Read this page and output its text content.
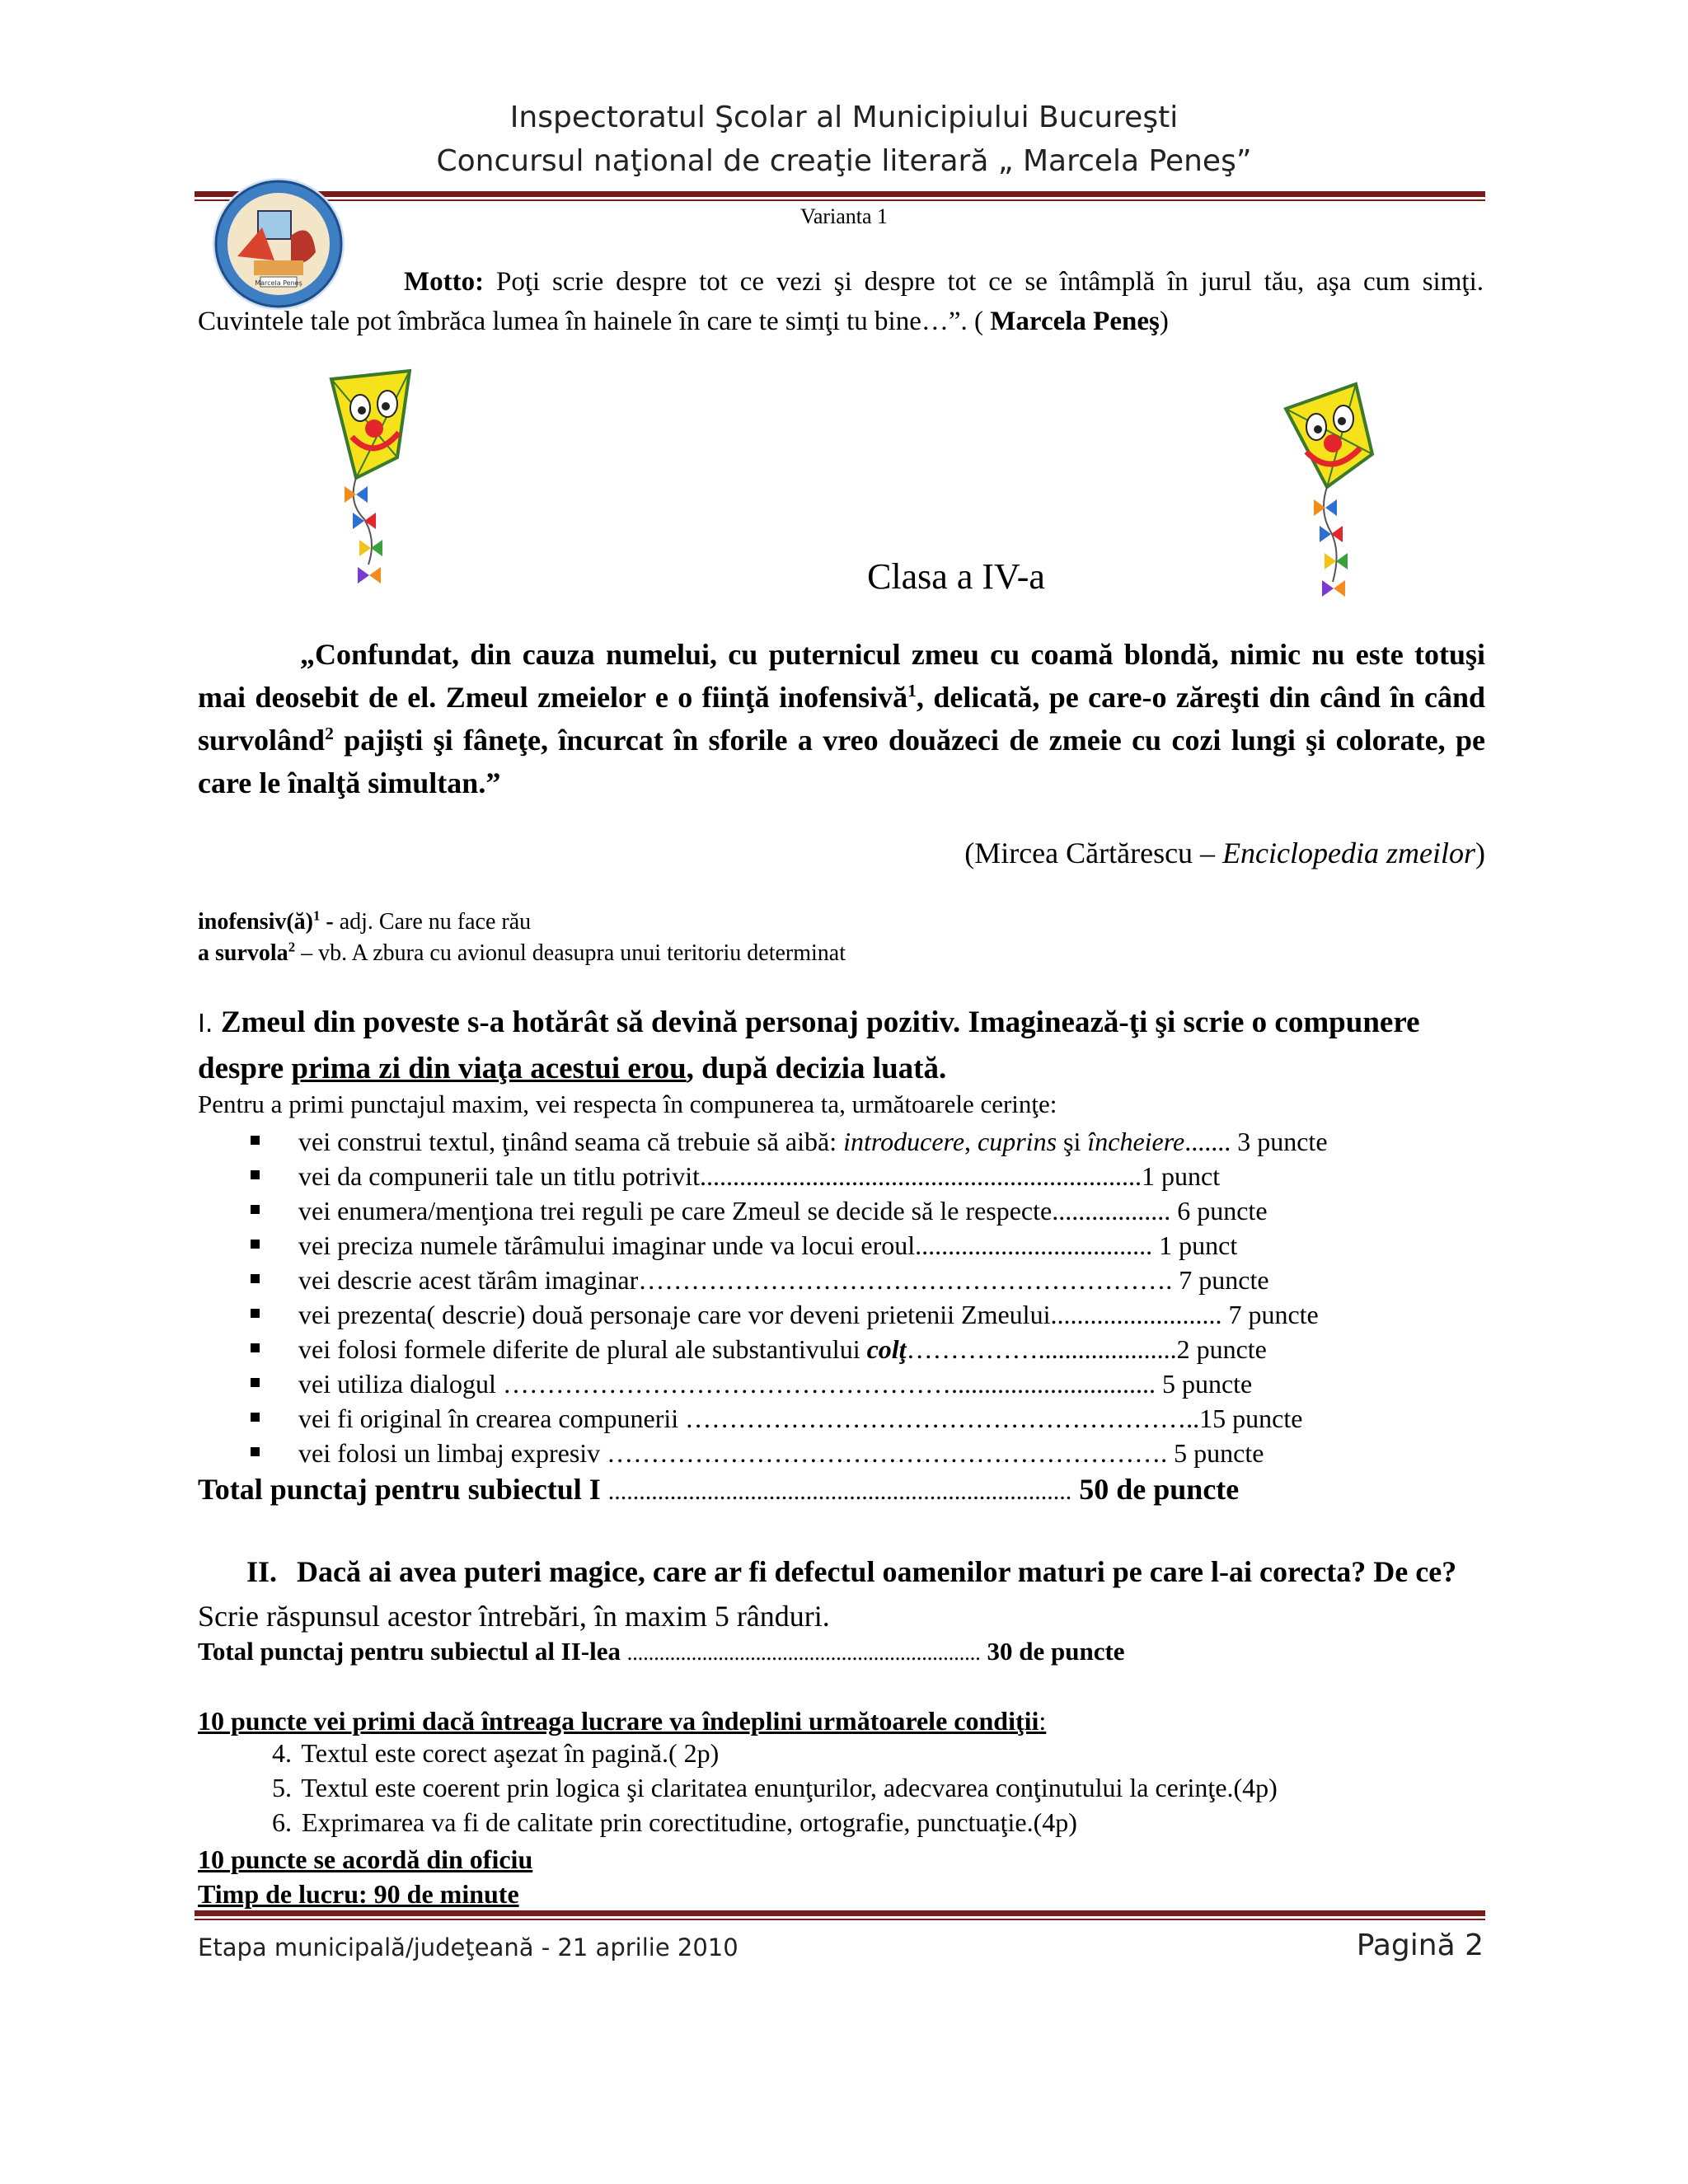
Inspectoratul Şcolar al Municipiului Bucureşti
Concursul naţional de creaţie literară „ Marcela Peneş”
Varianta 1
Marcela Peneş	Motto: Poţi scrie despre tot ce vezi şi despre tot ce se întâmplă în jurul tău, aşa cum simţi. Cuvintele tale pot îmbrăca lumea în hainele în care te simţi tu bine…”. ( Marcela Peneş)
Clasa a IV-a
„Confundat, din cauza numelui, cu puternicul zmeu cu coamă blondă, nimic nu este totuşi mai deosebit de el. Zmeul zmeielor e o fiinţă inofensivă$^1$, delicată, pe care-o zăreşti din când în când survolând$^2$ pajişti şi fâneţe, încurcat în sforile a vreo douăzeci de zmeie cu cozi lungi şi colorate, pe care le înalţă simultan.”
(Mircea Cărtărescu – Enciclopedia zmeilor)
inofensiv(ă)$^1$ - adj. Care nu face rău
a survola$^2$ – vb. A zbura cu avionul deasupra unui teritoriu determinat
I. Zmeul din poveste s-a hotărât să devină personaj pozitiv. Imaginează-ţi şi scrie o compunere despre prima zi din viaţa acestui erou, după decizia luată.
Pentru a primi punctajul maxim, vei respecta în compunerea ta, următoarele cerinţe:
vei construi textul, ţinând seama că trebuie să aibă: introducere, cuprins şi încheiere....... 3 puncte
vei da compunerii tale un titlu potrivit...................................................................1 punct
vei enumera/menţiona trei reguli pe care Zmeul se decide să le respecte.................. 6 puncte
vei preciza numele tărâmului imaginar unde va locui eroul.................................... 1 punct
vei descrie acest tărâm imaginar……………………………………………………. 7 puncte
vei prezenta( descrie) două personaje care vor deveni prietenii Zmeului.......................... 7 puncte
vei folosi formele diferite de plural ale substantivului colţ…………….....................2 puncte
vei utiliza dialogul ……………………………………………............................... 5 puncte
vei fi original în crearea compunerii …………………………………………………..15 puncte
vei folosi un limbaj expresiv ………………………………………………………. 5 puncte
Total punctaj pentru subiectul I ........................................................................... 50 de puncte
II. Dacă ai avea puteri magice, care ar fi defectul oamenilor maturi pe care l-ai corecta? De ce? Scrie răspunsul acestor întrebări, în maxim 5 rânduri.
Total punctaj pentru subiectul al II-lea .................................................................. 30 de puncte
10 puncte vei primi dacă întreaga lucrare va îndeplini următoarele condiţii:
4. Textul este corect aşezat în pagină.( 2p)
5. Textul este coerent prin logica şi claritatea enunţurilor, adecvarea conţinutului la cerinţe.(4p)
6. Exprimarea va fi de calitate prin corectitudine, ortografie, punctuaţie.(4p)
10 puncte se acordă din oficiu
Timp de lucru: 90 de minute
Etapa municipală/judeţeană - 21 aprilie 2010	Pagină 2
